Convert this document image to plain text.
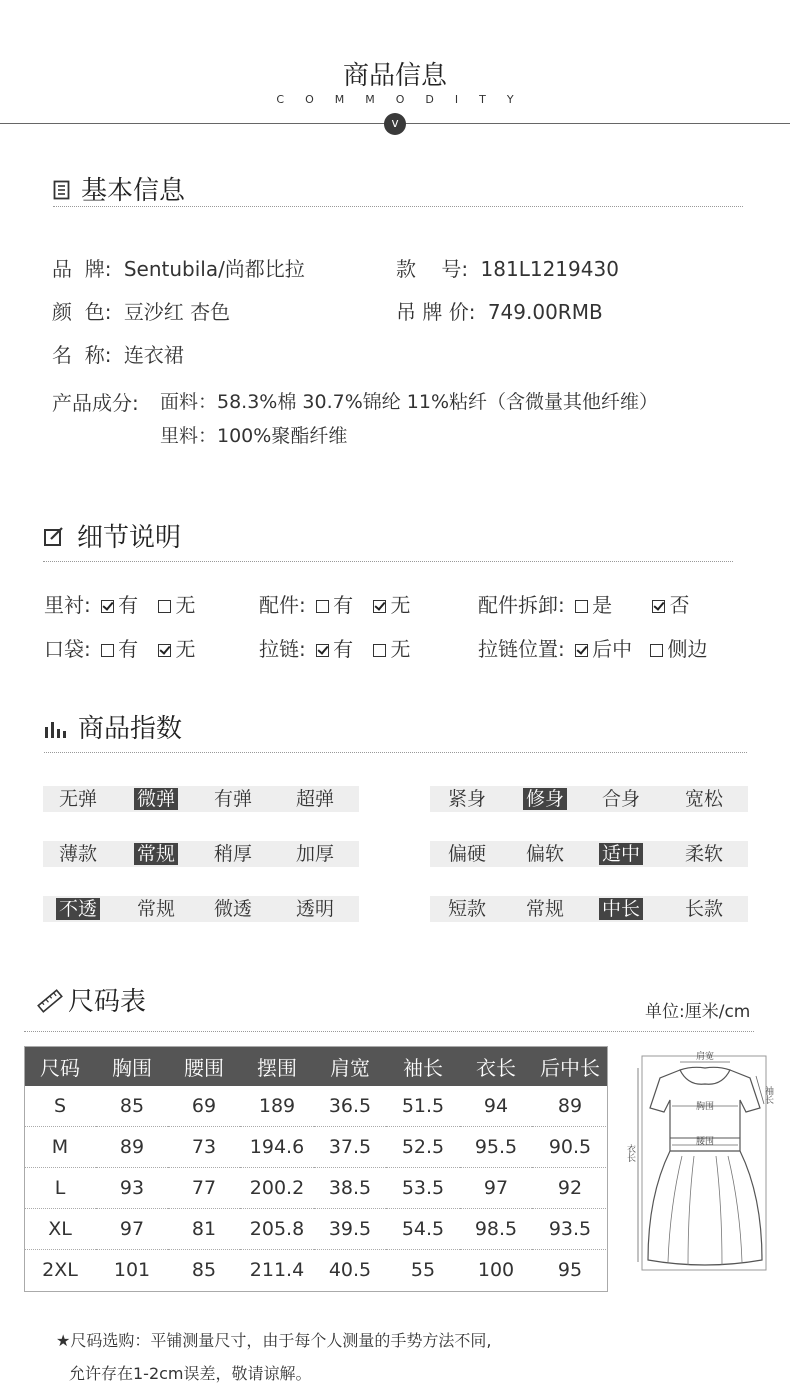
商品信息
COMMODITY
v
基本信息
品  牌: Sentubila/尚都比拉	款    号: 181L1219430
颜  色: 豆沙红 杏色	吊 牌 价: 749.00RMB
名  称: 连衣裙
产品成分: 面料：58.3%棉 30.7%锦纶 11%粘纤（含微量其他纤维）
里料：100%聚酯纤维
细节说明
里衬: 有 无	配件: 有 无	配件拆卸: 是	否
口袋: 有 无	拉链: 有 无	拉链位置: 后中 侧边
商品指数
无弹	微弹	有弹	超弹	紧身	修身	合身	宽松
薄款	常规	稍厚	加厚	偏硬	偏软	适中	柔软
不透	常规	微透	透明	短款	常规	中长	长款
尺码表	单位:厘米/cm
尺码	胸围	腰围	摆围	肩宽	袖长	衣长	后中长
S	85	69	189	36.5	51.5	94	89
M	89	73	194.6	37.5	52.5	95.5	90.5
L	93	77	200.2	38.5	53.5	97	92
XL	97	81	205.8	39.5	54.5	98.5	93.5
2XL	101	85	211.4	40.5	55	100	95
肩宽
胸围
腰围
袖长
衣长
★尺码选购：平铺测量尺寸，由于每个人测量的手势方法不同,
允许存在1-2cm误差，敬请谅解。
